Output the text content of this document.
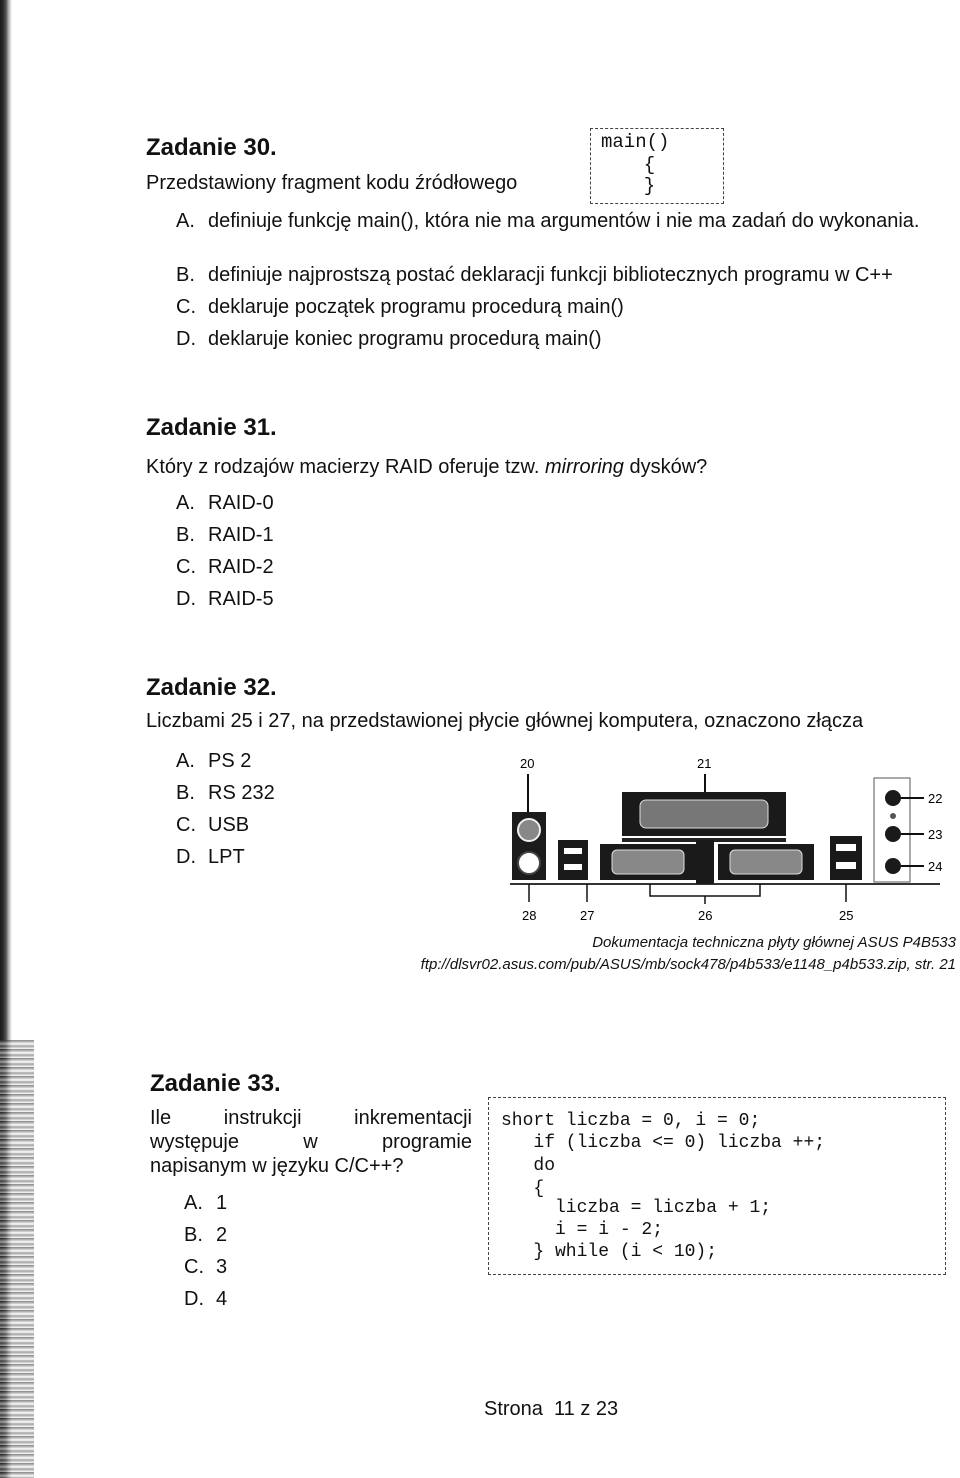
Zadanie 30.
Przedstawiony fragment kodu źródłowego
main()
{
}
A. definiuje funkcję main(), która nie ma argumentów i nie ma zadań do wykonania.
B. definiuje najprostszą postać deklaracji funkcji bibliotecznych programu w C++
C. deklaruje początek programu procedurą main()
D. deklaruje koniec programu procedurą main()
Zadanie 31.
Który z rodzajów macierzy RAID oferuje tzw. mirroring dysków?
A. RAID-0
B. RAID-1
C. RAID-2
D. RAID-5
Zadanie 32.
Liczbami 25 i 27, na przedstawionej płycie głównej komputera, oznaczono złącza
A. PS 2
B. RS 232
C. USB
D. LPT
20	21
22
23
24
28	27	26	25
Dokumentacja techniczna płyty głównej ASUS P4B533
ftp://dlsvr02.asus.com/pub/ASUS/mb/sock478/p4b533/e1148_p4b533.zip, str. 21
Zadanie 33.
Ile instrukcji inkrementacji
występuje w programie
napisanym w języku C/C++?
A. 1
B. 2
C. 3
D. 4
short liczba = 0, i = 0;
if (liczba <= 0) liczba ++;
do
{
liczba = liczba + 1;
i = i - 2;
} while (i < 10);
Strona  11 z 23
